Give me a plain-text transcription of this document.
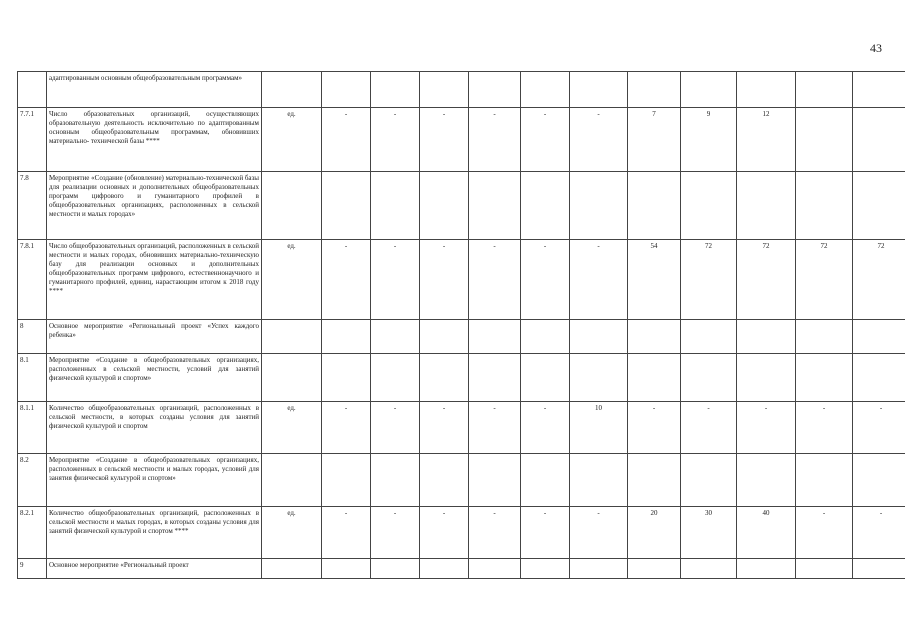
43
	адаптированным основным общеобразовательным программам»												
7.7.1	Число образовательных организаций, осуществляющих образовательную деятельность исключительно по адаптированным основным общеобразовательным программам, обновивших материально- технической базы ****	ед.	-	-	-	-	-	-	7	9	12		
7.8	Мероприятие «Создание (обновление) материально-технической базы для реализации основных и дополнительных общеобразовательных программ цифрового и гуманитарного профилей в общеобразовательных организациях, расположенных в сельской местности и малых городах»												
7.8.1	Число общеобразовательных организаций, расположенных в сельской местности и малых городах, обновивших материально-техническую базу для реализации основных и дополнительных общеобразовательных программ цифрового, естественнонаучного и гуманитарного профилей, единиц, нарастающим итогом к 2018 году ****	ед.	-	-	-	-	-	-	54	72	72	72	72
8	Основное мероприятие «Региональный проект «Успех каждого ребенка»												
8.1	Мероприятие «Создание в общеобразовательных организациях, расположенных в сельской местности, условий для занятий физической культурой и спортом»												
8.1.1	Количество общеобразовательных организаций, расположенных в сельской местности, в которых созданы условия для занятий физической культурой и спортом	ед.	-	-	-	-	-	10	-	-	-	-	-
8.2	Мероприятие «Создание в общеобразовательных организациях, расположенных в сельской местности и малых городах, условий для занятия физической культурой и спортом»												
8.2.1	Количество общеобразовательных организаций, расположенных в сельской местности и малых городах, в которых созданы условия для занятий физической культурой и спортом ****	ед.	-	-	-	-	-	-	20	30	40	-	-
9	Основное мероприятие «Региональный проект												
